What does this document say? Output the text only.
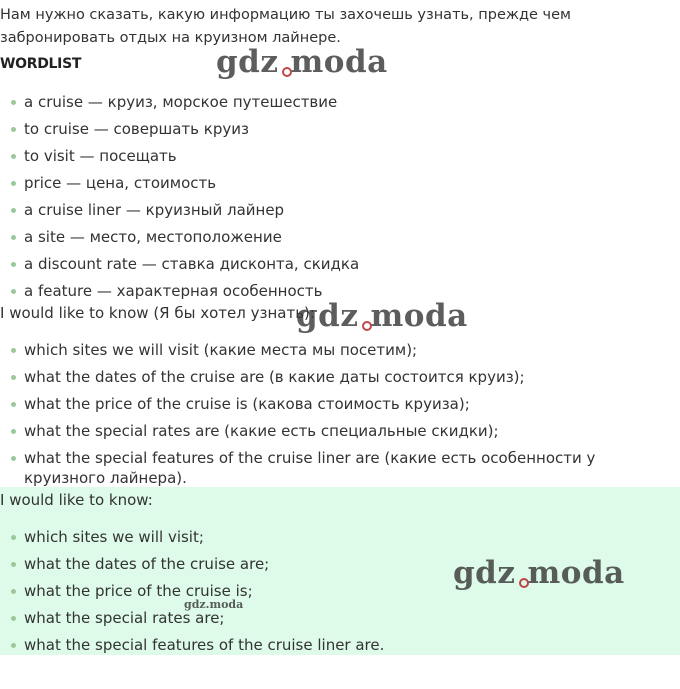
Нам нужно сказать, какую информацию ты захочешь узнать, прежде чем забронировать отдых на круизном лайнере.
WORDLIST
a cruise — круиз, морское путешествие
to cruise — совершать круиз
to visit — посещать
price — цена, стоимость
a cruise liner — круизный лайнер
a site — место, местоположение
a discount rate — ставка дисконта, скидка
a feature — характерная особенность
I would like to know (Я бы хотел узнать):
which sites we will visit (какие места мы посетим);
what the dates of the cruise are (в какие даты состоится круиз);
what the price of the cruise is (какова стоимость круиза);
what the special rates are (какие есть специальные скидки);
what the special features of the cruise liner are (какие есть особенности у круизного лайнера).
I would like to know:
which sites we will visit;
what the dates of the cruise are;
what the price of the cruise is;
what the special rates are;
what the special features of the cruise liner are.
gdz moda
gdz moda
gdz moda
gdz.moda
